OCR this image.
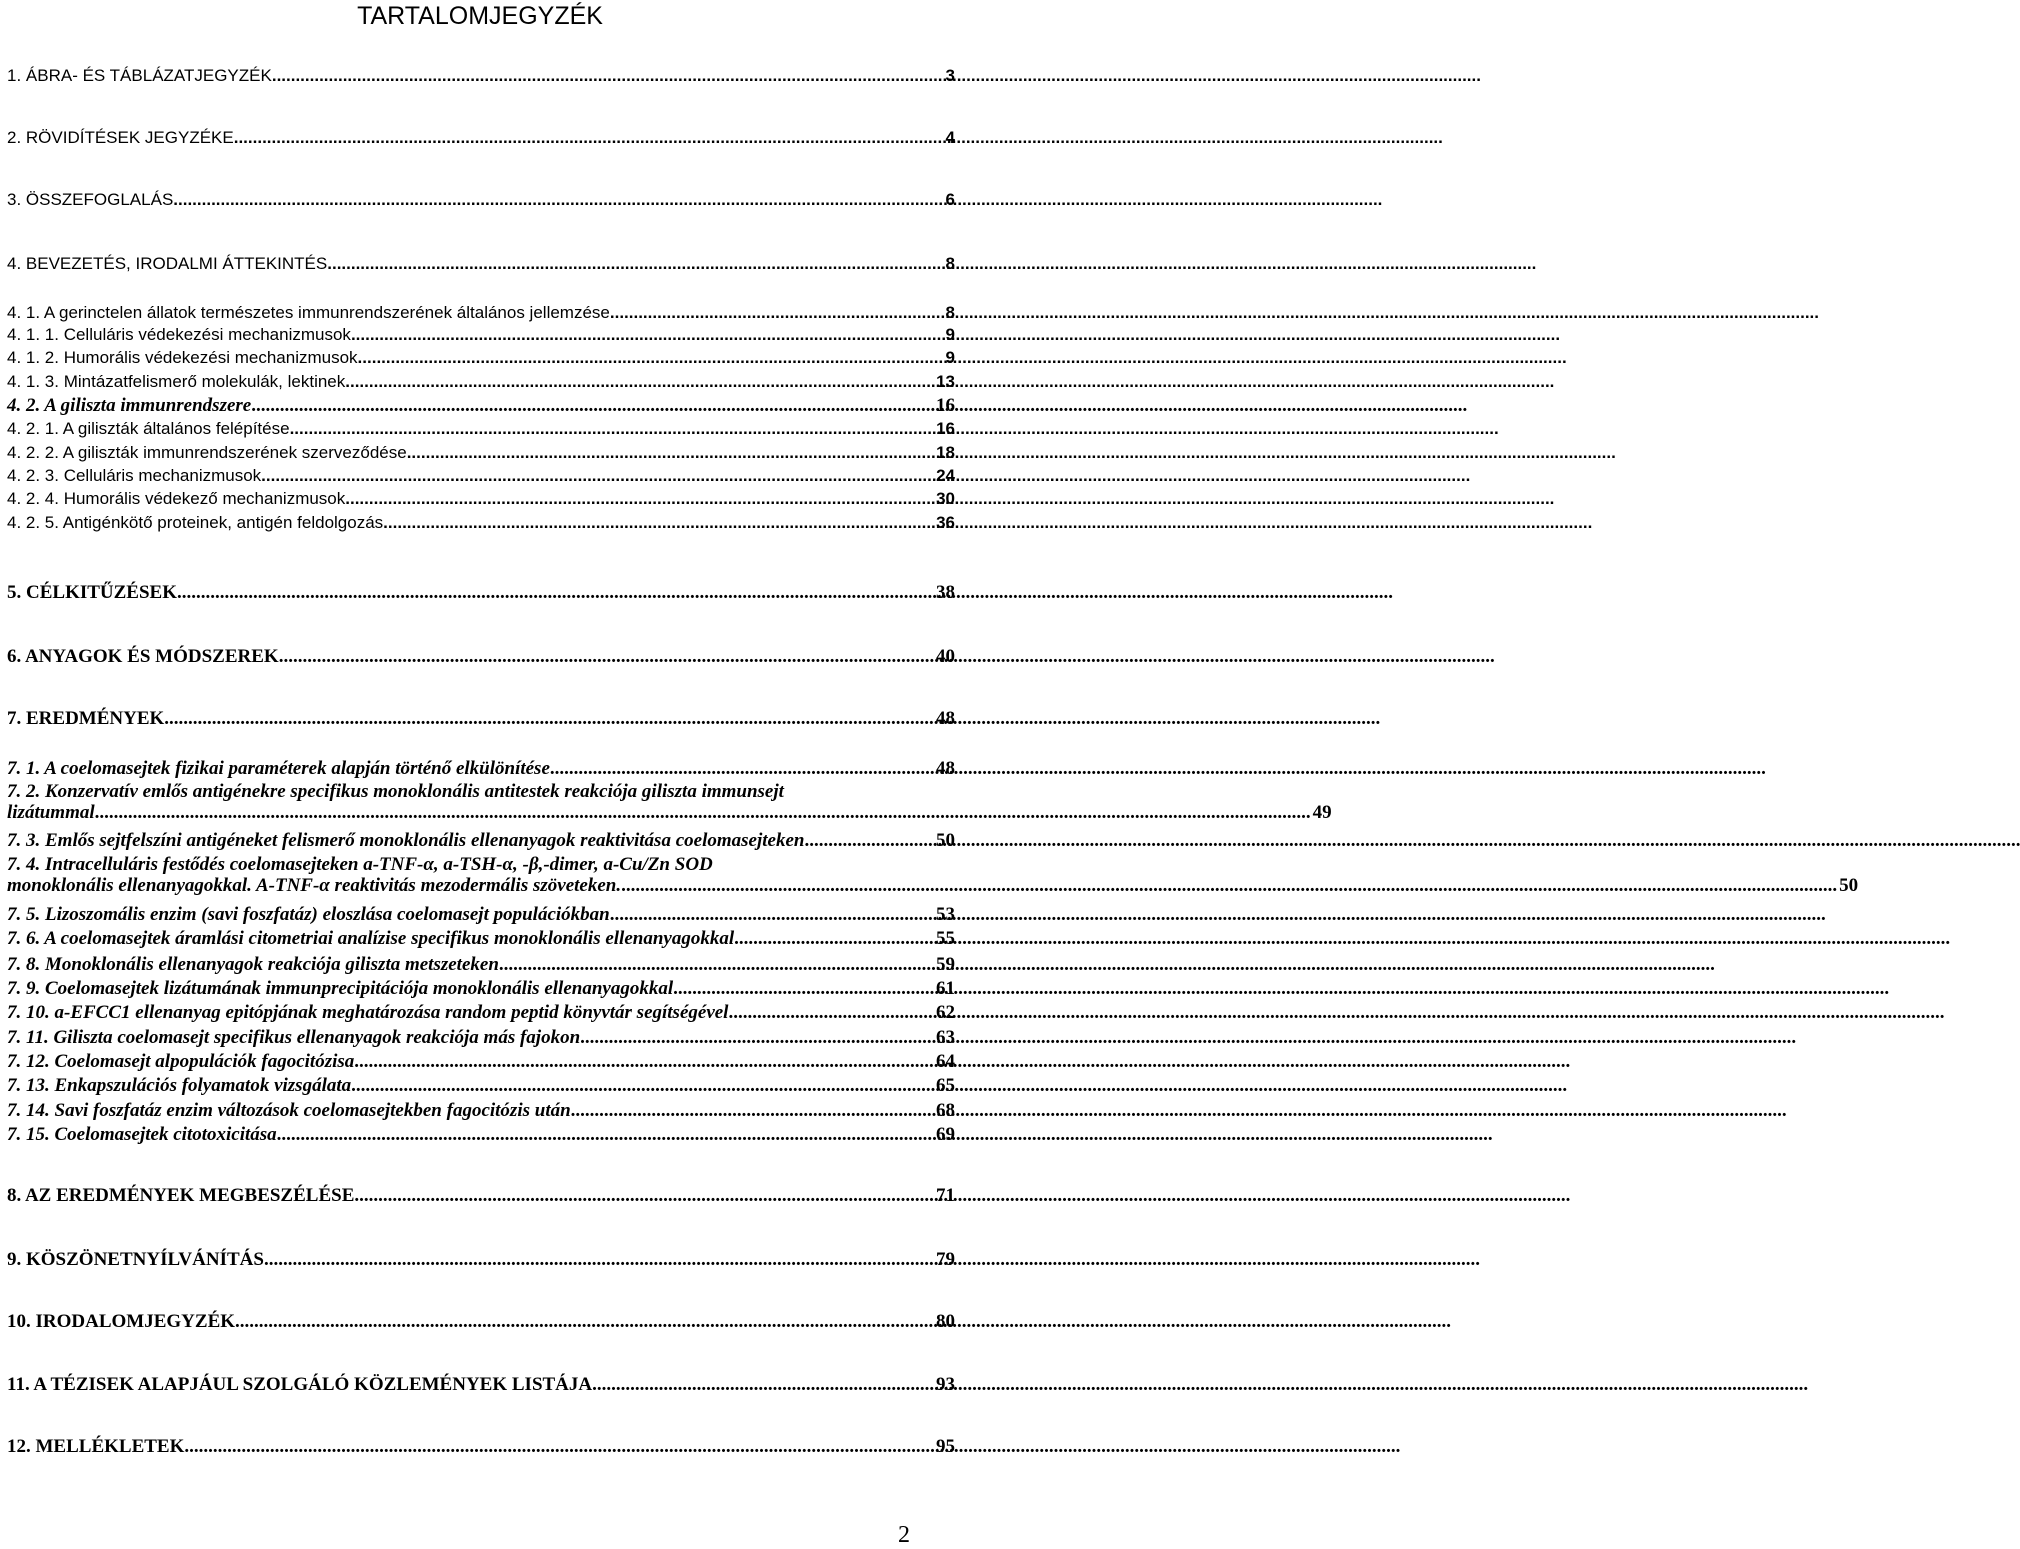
TARTALOMJEGYZÉK
1. ÁBRA- ÉS TÁBLÁZATJEGYZÉK .....	3
2. RÖVIDÍTÉSEK JEGYZÉKE .....	4
3. ÖSSZEFOGLALÁS .....	6
4. BEVEZETÉS, IRODALMI ÁTTEKINTÉS .....	8
4. 1. A gerinctelen állatok természetes immunrendszerének általános jellemzése .....	8
4. 1. 1. Celluláris védekezési mechanizmusok .....	9
4. 1. 2. Humorális védekezési mechanizmusok .....	9
4. 1. 3. Mintázatfelismerő molekulák, lektinek .....	13
4. 2. A giliszta immunrendszere .....	16
4. 2. 1. A giliszták általános felépítése .....	16
4. 2. 2. A giliszták immunrendszerének szerveződése .....	18
4. 2. 3. Celluláris mechanizmusok .....	24
4. 2. 4. Humorális védekező mechanizmusok .....	30
4. 2. 5. Antigénkötő proteinek, antigén feldolgozás .....	36
5. CÉLKITŰZÉSEK .....	38
6. ANYAGOK ÉS MÓDSZEREK .....	40
7. EREDMÉNYEK .....	48
7. 1. A coelomasejtek fizikai paraméterek alapján történő elkülönítése .....	48
7. 2. Konzervatív emlős antigénekre specifikus monoklonális antitestek reakciója giliszta immunsejt
lizátummal .....	49
7. 3. Emlős sejtfelszíni antigéneket felismerő monoklonális ellenanyagok reaktivitása coelomasejteken .....	50
7. 4. Intracelluláris festődés coelomasejteken a-TNF-α, a-TSH-α, -β,-dimer, a-Cu/Zn SOD
monoklonális ellenanyagokkal. A-TNF-α reaktivitás mezodermális szöveteken. .....	50
7. 5. Lizoszomális enzim (savi foszfatáz) eloszlása coelomasejt populációkban .....	53
7. 6. A coelomasejtek áramlási citometriai analízise specifikus monoklonális ellenanyagokkal .....	55
7. 8. Monoklonális ellenanyagok reakciója giliszta metszeteken .....	59
7. 9. Coelomasejtek lizátumának immunprecipitációja monoklonális ellenanyagokkal .....	61
7. 10. a-EFCC1 ellenanyag epitópjának meghatározása random peptid könyvtár segítségével .....	62
7. 11. Giliszta coelomasejt specifikus ellenanyagok reakciója más fajokon .....	63
7. 12. Coelomasejt alpopulációk fagocitózisa .....	64
7. 13. Enkapszulációs folyamatok vizsgálata .....	65
7. 14. Savi foszfatáz enzim változások coelomasejtekben fagocitózis után .....	68
7. 15. Coelomasejtek citotoxicitása .....	69
8. AZ EREDMÉNYEK MEGBESZÉLÉSE .....	71
9. KÖSZÖNETNYÍLVÁNÍTÁS .....	79
10. IRODALOMJEGYZÉK .....	80
11. A TÉZISEK ALAPJÁUL SZOLGÁLÓ KÖZLEMÉNYEK LISTÁJA .....	93
12. MELLÉKLETEK .....	95
2
